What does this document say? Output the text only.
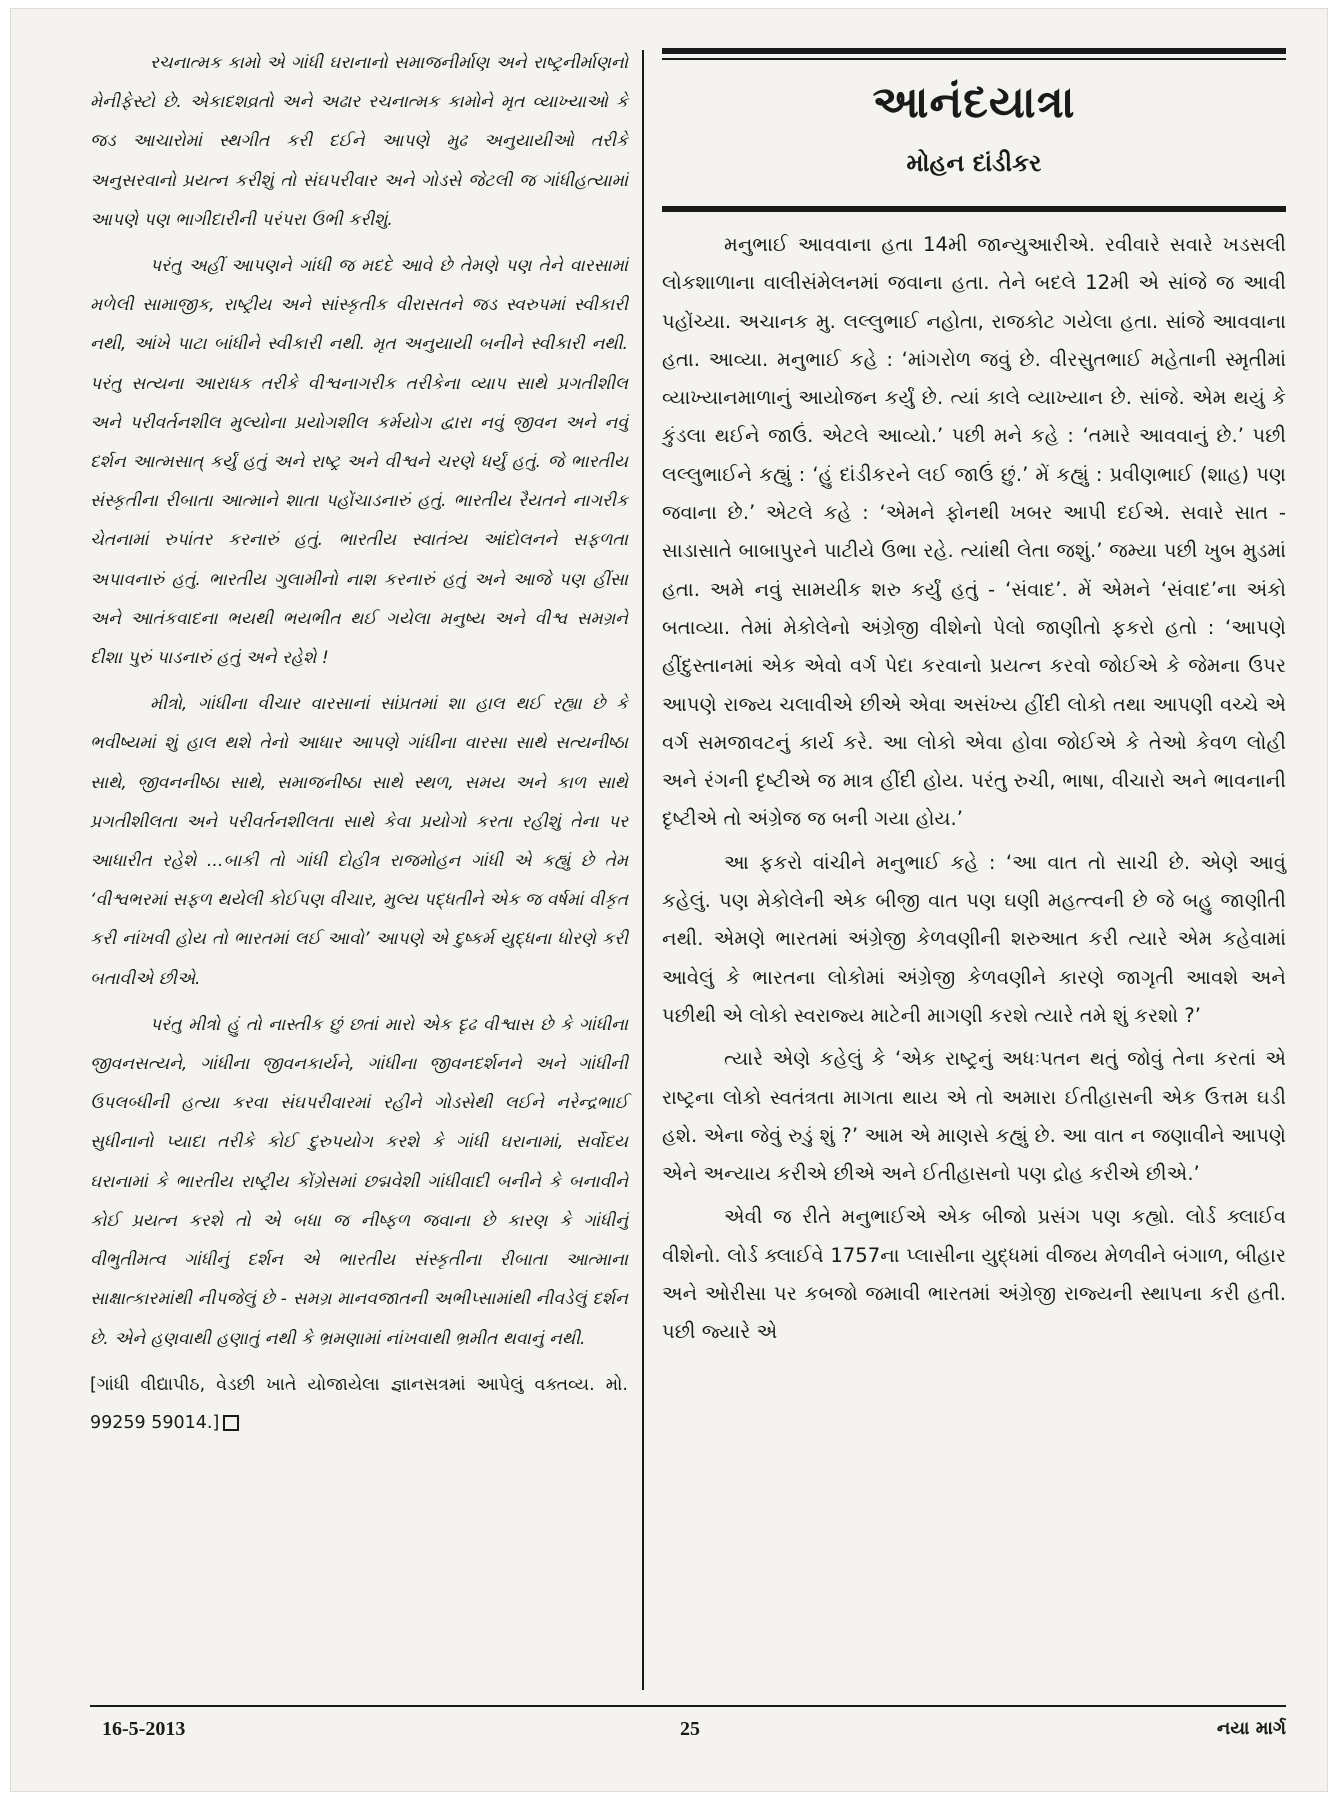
રચનાત્મક કામો એ ગાંધી ઘરાનાનો સમાજનીર્માણ અને રાષ્ટ્રનીર્માણનો મેનીફેસ્ટો છે. એકાદશવ્રતો અને અઢાર રચનાત્મક કામોને મૃત વ્યાખ્યાઓ કે જડ આચારોમાં સ્થગીત કરી દઈને આપણે મુઢ અનુયાયીઓ તરીકે અનુસરવાનો પ્રયત્ન કરીશું તો સંઘપરીવાર અને ગોડસે જેટલી જ ગાંધીહત્યામાં આપણે પણ ભાગીદારીની પરંપરા ઉભી કરીશું.

પરંતુ અહીં આપણને ગાંધી જ મદદે આવે છે તેમણે પણ તેને વારસામાં મળેલી સામાજીક, રાષ્ટ્રીય અને સાંસ્કૃતીક વીરાસતને જડ સ્વરુપમાં સ્વીકારી નથી, આંખે પાટા બાંધીને સ્વીકારી નથી. મૃત અનુયાયી બનીને સ્વીકારી નથી. પરંતુ સત્યના આરાધક તરીકે વીશ્વનાગરીક તરીકેના વ્યાપ સાથે પ્રગતીશીલ અને પરીવર્તનશીલ મુલ્યોના પ્રયોગશીલ કર્મયોગ દ્વારા નવું જીવન અને નવું દર્શન આત્મસાત્ કર્યું હતું અને રાષ્ટ્ર અને વીશ્વને ચરણે ધર્યું હતું. જે ભારતીય સંસ્કૃતીના રીબાતા આત્માને શાતા પહોંચાડનારું હતું. ભારતીય રૈયતને નાગરીક ચેતનામાં રુપાંતર કરનારું હતું. ભારતીય સ્વાતંત્ર્ય આંદોલનને સફળતા અપાવનારું હતું. ભારતીય ગુલામીનો નાશ કરનારું હતું અને આજે પણ હીંસા અને આતંકવાદના ભયથી ભયભીત થઈ ગયેલા મનુષ્ય અને વીશ્વ સમગ્રને દીશા પુરું પાડનારું હતું અને રહેશે !

મીત્રો, ગાંધીના વીચાર વારસાનાં સાંપ્રતમાં શા હાલ થઈ રહ્યા છે કે ભવીષ્યમાં શું હાલ થશે તેનો આધાર આપણે ગાંધીના વારસા સાથે સત્યનીષ્ઠા સાથે, જીવનનીષ્ઠા સાથે, સમાજનીષ્ઠા સાથે સ્થળ, સમય અને કાળ સાથે પ્રગતીશીલતા અને પરીવર્તનશીલતા સાથે કેવા પ્રયોગો કરતા રહીશું તેના પર આધારીત રહેશે ...બાકી તો ગાંધી દોહીત્ર રાજમોહન ગાંધી એ કહ્યું છે તેમ ‘વીશ્વભરમાં સફળ થયેલી કોઈપણ વીચાર, મુલ્ય પદ્ધતીને એક જ વર્ષમાં વીકૃત કરી નાંખવી હોય તો ભારતમાં લઈ આવો’ આપણે એ દુષ્કર્મ યુદ્ધના ધોરણે કરી બતાવીએ છીએ.

પરંતુ મીત્રો હું તો નાસ્તીક છું છતાં મારો એક દૃઢ વીશ્વાસ છે કે ગાંધીના જીવનસત્યને, ગાંધીના જીવનકાર્યને, ગાંધીના જીવનદર્શનને અને ગાંધીની ઉપલબ્ધીની હત્યા કરવા સંઘપરીવારમાં રહીને ગોડસેથી લઈને નરેન્દ્રભાઈ સુધીનાનો પ્યાદા તરીકે કોઈ દુરુપયોગ કરશે કે ગાંધી ઘરાનામાં, સર્વોદય ઘરાનામાં કે ભારતીય રાષ્ટ્રીય કોંગ્રેસમાં છદ્મવેશી ગાંધીવાદી બનીને કે બનાવીને કોઈ પ્રયત્ન કરશે તો એ બધા જ નીષ્ફળ જવાના છે કારણ કે ગાંધીનું વીભુતીમત્વ ગાંધીનું દર્શન એ ભારતીય સંસ્કૃતીના રીબાતા આત્માના સાક્ષાત્કારમાંથી નીપજેલું છે - સમગ્ર માનવજાતની અભીપ્સામાંથી નીવડેલું દર્શન છે. એને હણવાથી હણાતું નથી કે ભ્રમણામાં નાંખવાથી ભ્રમીત થવાનું નથી.

[ગાંધી વીદ્યાપીઠ, વેડછી ખાતે યોજાયેલા જ્ઞાનસત્રમાં આપેલું વક્તવ્ય. મો. 99259 59014.]

આનંદયાત્રા
મોહન દાંડીકર

મનુભાઈ આવવાના હતા 14મી જાન્યુઆરીએ. રવીવારે સવારે ખડસલી લોકશાળાના વાલીસંમેલનમાં જવાના હતા. તેને બદલે 12મી એ સાંજે જ આવી પહોંચ્યા. અચાનક મુ. લલ્લુભાઈ નહોતા, રાજકોટ ગયેલા હતા. સાંજે આવવાના હતા. આવ્યા. મનુભાઈ કહે : ‘માંગરોળ જવું છે. વીરસુતભાઈ મહેતાની સ્મૃતીમાં વ્યાખ્યાનમાળાનું આયોજન કર્યું છે. ત્યાં કાલે વ્યાખ્યાન છે. સાંજે. એમ થયું કે કુંડલા થઈને જાઉં. એટલે આવ્યો.’ પછી મને કહે : ‘તમારે આવવાનું છે.’ પછી લલ્લુભાઈને કહ્યું : ‘હું દાંડીકરને લઈ જાઉં છું.’ મેં કહ્યું : પ્રવીણભાઈ (શાહ) પણ જવાના છે.’ એટલે કહે : ‘એમને ફોનથી ખબર આપી દઈએ. સવારે સાત - સાડાસાતે બાબાપુરને પાટીયે ઉભા રહે. ત્યાંથી લેતા જશું.’ જમ્યા પછી ખુબ મુડમાં હતા. અમે નવું સામયીક શરુ કર્યું હતું - ‘સંવાદ’. મેં એમને ‘સંવાદ’ના અંકો બતાવ્યા. તેમાં મેકોલેનો અંગ્રેજી વીશેનો પેલો જાણીતો ફકરો હતો : ‘આપણે હીંદુસ્તાનમાં એક એવો વર્ગ પેદા કરવાનો પ્રયત્ન કરવો જોઈએ કે જેમના ઉપર આપણે રાજ્ય ચલાવીએ છીએ એવા અસંખ્ય હીંદી લોકો તથા આપણી વચ્ચે એ વર્ગ સમજાવટનું કાર્ય કરે. આ લોકો એવા હોવા જોઈએ કે તેઓ કેવળ લોહી અને રંગની દૃષ્ટીએ જ માત્ર હીંદી હોય. પરંતુ રુચી, ભાષા, વીચારો અને ભાવનાની દૃષ્ટીએ તો અંગ્રેજ જ બની ગયા હોય.’

આ ફકરો વાંચીને મનુભાઈ કહે : ‘આ વાત તો સાચી છે. એણે આવું કહેલું. પણ મેકોલેની એક બીજી વાત પણ ઘણી મહત્ત્વની છે જે બહુ જાણીતી નથી. એમણે ભારતમાં અંગ્રેજી કેળવણીની શરુઆત કરી ત્યારે એમ કહેવામાં આવેલું કે ભારતના લોકોમાં અંગ્રેજી કેળવણીને કારણે જાગૃતી આવશે અને પછીથી એ લોકો સ્વરાજ્ય માટેની માગણી કરશે ત્યારે તમે શું કરશો ?’

ત્યારે એણે કહેલું કે ‘એક રાષ્ટ્રનું અધઃપતન થતું જોવું તેના કરતાં એ રાષ્ટ્રના લોકો સ્વતંત્રતા માગતા થાય એ તો અમારા ઈતીહાસની એક ઉત્તમ ઘડી હશે. એના જેવું રુડું શું ?’ આમ એ માણસે કહ્યું છે. આ વાત ન જણાવીને આપણે એને અન્યાય કરીએ છીએ અને ઈતીહાસનો પણ દ્રોહ કરીએ છીએ.’

એવી જ રીતે મનુભાઈએ એક બીજો પ્રસંગ પણ કહ્યો. લોર્ડ ક્લાઈવ વીશેનો. લોર્ડ ક્લાઈવે 1757ના પ્લાસીના યુદ્ધમાં વીજય મેળવીને બંગાળ, બીહાર અને ઓરીસા પર કબજો જમાવી ભારતમાં અંગ્રેજી રાજ્યની સ્થાપના કરી હતી. પછી જ્યારે એ

16-5-2013	25	નયા માર્ગ
